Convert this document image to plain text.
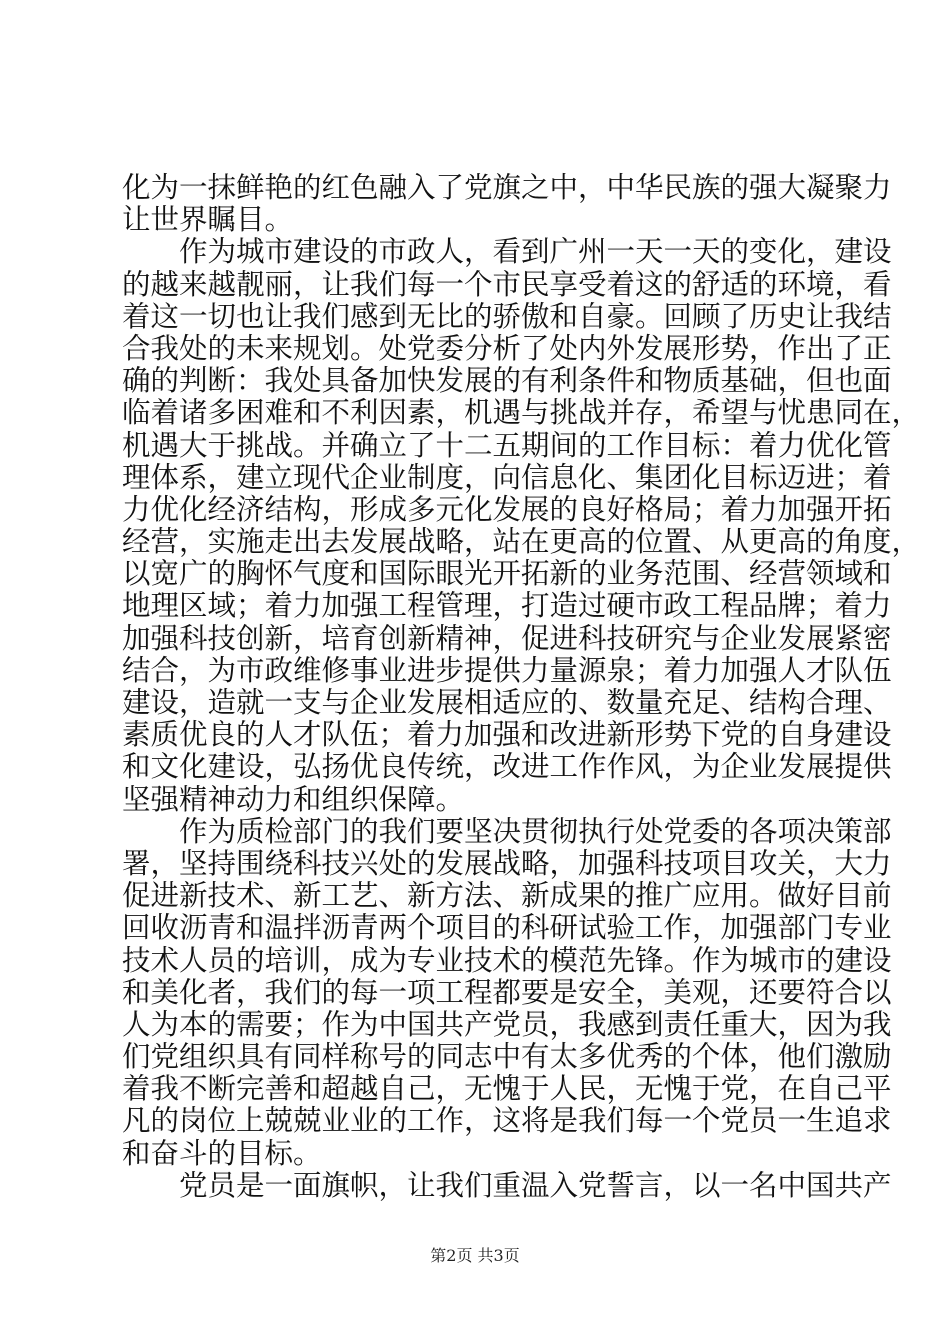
化为一抹鲜艳的红色融入了党旗之中，中华民族的强大凝聚力
让世界瞩目。
作为城市建设的市政人，看到广州一天一天的变化，建设
的越来越靓丽，让我们每一个市民享受着这的舒适的环境，看
着这一切也让我们感到无比的骄傲和自豪。回顾了历史让我结
合我处的未来规划。处党委分析了处内外发展形势，作出了正
确的判断：我处具备加快发展的有利条件和物质基础，但也面
临着诸多困难和不利因素，机遇与挑战并存，希望与忧患同在，
机遇大于挑战。并确立了十二五期间的工作目标：着力优化管
理体系，建立现代企业制度，向信息化、集团化目标迈进；着
力优化经济结构，形成多元化发展的良好格局；着力加强开拓
经营，实施走出去发展战略，站在更高的位置、从更高的角度，
以宽广的胸怀气度和国际眼光开拓新的业务范围、经营领域和
地理区域；着力加强工程管理，打造过硬市政工程品牌；着力
加强科技创新，培育创新精神，促进科技研究与企业发展紧密
结合，为市政维修事业进步提供力量源泉；着力加强人才队伍
建设，造就一支与企业发展相适应的、数量充足、结构合理、
素质优良的人才队伍；着力加强和改进新形势下党的自身建设
和文化建设，弘扬优良传统，改进工作作风，为企业发展提供
坚强精神动力和组织保障。
作为质检部门的我们要坚决贯彻执行处党委的各项决策部
署，坚持围绕科技兴处的发展战略，加强科技项目攻关，大力
促进新技术、新工艺、新方法、新成果的推广应用。做好目前
回收沥青和温拌沥青两个项目的科研试验工作，加强部门专业
技术人员的培训，成为专业技术的模范先锋。作为城市的建设
和美化者，我们的每一项工程都要是安全，美观，还要符合以
人为本的需要；作为中国共产党员，我感到责任重大，因为我
们党组织具有同样称号的同志中有太多优秀的个体，他们激励
着我不断完善和超越自己，无愧于人民，无愧于党，在自己平
凡的岗位上兢兢业业的工作，这将是我们每一个党员一生追求
和奋斗的目标。
党员是一面旗帜，让我们重温入党誓言，以一名中国共产
第2页 共3页
